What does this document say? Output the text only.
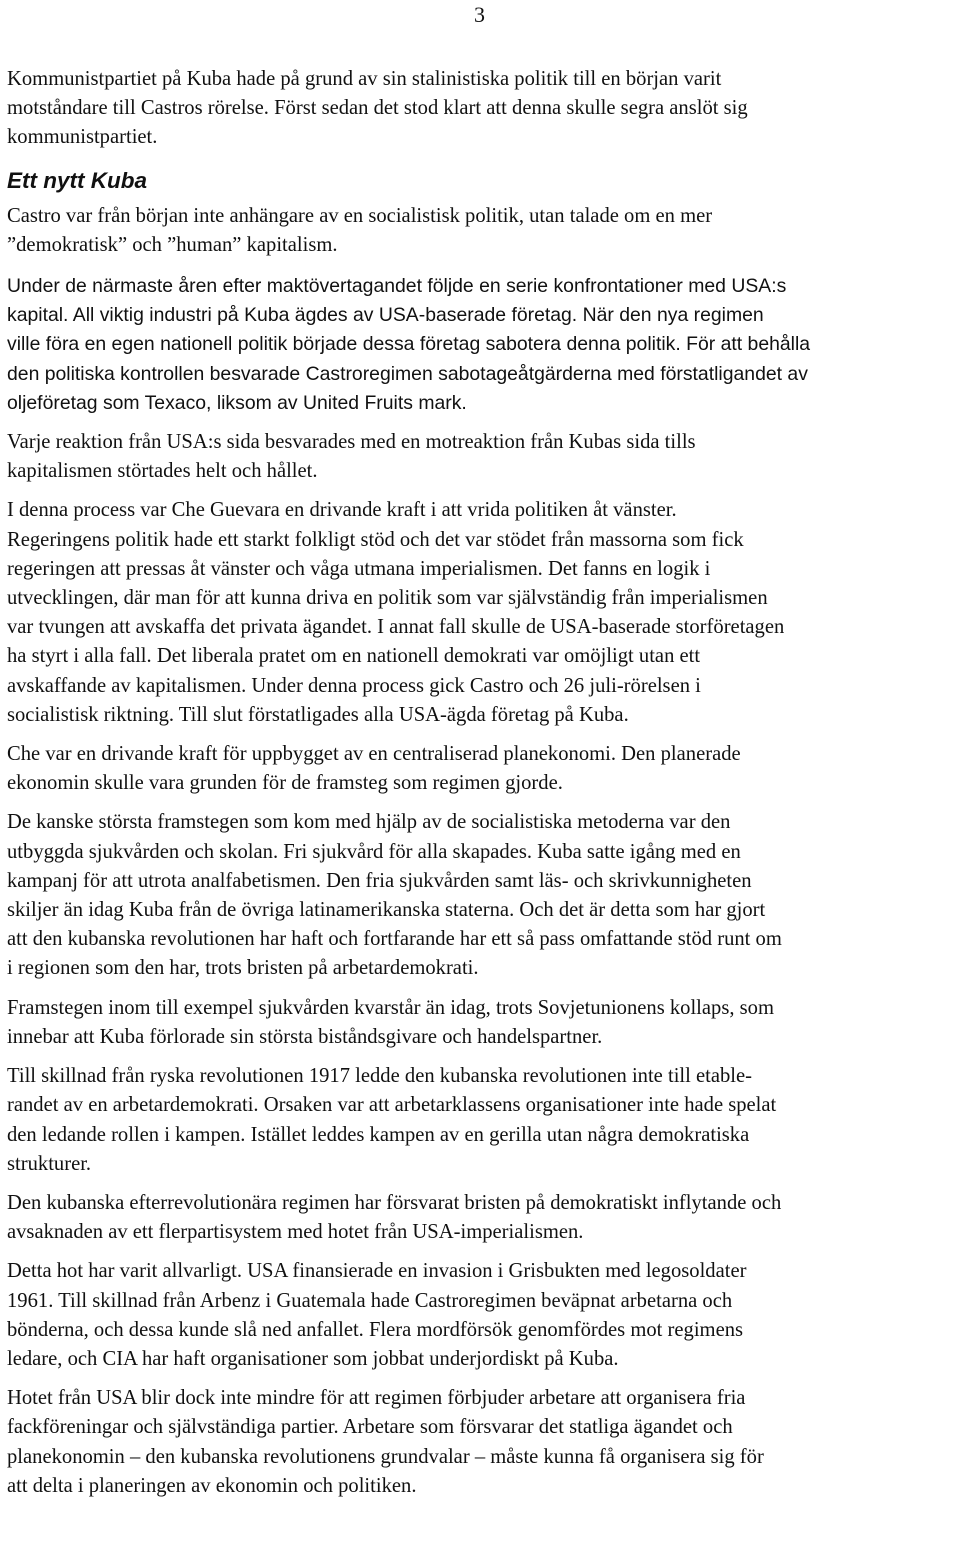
3

Kommunistpartiet på Kuba hade på grund av sin stalinistiska politik till en början varit
motståndare till Castros rörelse. Först sedan det stod klart att denna skulle segra anslöt sig
kommunistpartiet.

Ett nytt Kuba

Castro var från början inte anhängare av en socialistisk politik, utan talade om en mer
”demokratisk” och ”human” kapitalism.

Under de närmaste åren efter maktövertagandet följde en serie konfrontationer med USA:s
kapital. All viktig industri på Kuba ägdes av USA-baserade företag. När den nya regimen
ville föra en egen nationell politik började dessa företag sabotera denna politik. För att behålla
den politiska kontrollen besvarade Castroregimen sabotageåtgärderna med förstatligandet av
oljeföretag som Texaco, liksom av United Fruits mark.

Varje reaktion från USA:s sida besvarades med en motreaktion från Kubas sida tills
kapitalismen störtades helt och hållet.

I denna process var Che Guevara en drivande kraft i att vrida politiken åt vänster.
Regeringens politik hade ett starkt folkligt stöd och det var stödet från massorna som fick
regeringen att pressas åt vänster och våga utmana imperialismen. Det fanns en logik i
utvecklingen, där man för att kunna driva en politik som var självständig från imperialismen
var tvungen att avskaffa det privata ägandet. I annat fall skulle de USA-baserade storföretagen
ha styrt i alla fall. Det liberala pratet om en nationell demokrati var omöjligt utan ett
avskaffande av kapitalismen. Under denna process gick Castro och 26 juli-rörelsen i
socialistisk riktning. Till slut förstatligades alla USA-ägda företag på Kuba.

Che var en drivande kraft för uppbygget av en centraliserad planekonomi. Den planerade
ekonomin skulle vara grunden för de framsteg som regimen gjorde.

De kanske största framstegen som kom med hjälp av de socialistiska metoderna var den
utbyggda sjukvården och skolan. Fri sjukvård för alla skapades. Kuba satte igång med en
kampanj för att utrota analfabetismen. Den fria sjukvården samt läs- och skrivkunnigheten
skiljer än idag Kuba från de övriga latinamerikanska staterna. Och det är detta som har gjort
att den kubanska revolutionen har haft och fortfarande har ett så pass omfattande stöd runt om
i regionen som den har, trots bristen på arbetardemokrati.

Framstegen inom till exempel sjukvården kvarstår än idag, trots Sovjetunionens kollaps, som
innebar att Kuba förlorade sin största biståndsgivare och handelspartner.

Till skillnad från ryska revolutionen 1917 ledde den kubanska revolutionen inte till etable-
randet av en arbetardemokrati. Orsaken var att arbetarklassens organisationer inte hade spelat
den ledande rollen i kampen. Istället leddes kampen av en gerilla utan några demokratiska
strukturer.

Den kubanska efterrevolutionära regimen har försvarat bristen på demokratiskt inflytande och
avsaknaden av ett flerpartisystem med hotet från USA-imperialismen.

Detta hot har varit allvarligt. USA finansierade en invasion i Grisbukten med legosoldater
1961. Till skillnad från Arbenz i Guatemala hade Castroregimen beväpnat arbetarna och
bönderna, och dessa kunde slå ned anfallet. Flera mordförsök genomfördes mot regimens
ledare, och CIA har haft organisationer som jobbat underjordiskt på Kuba.

Hotet från USA blir dock inte mindre för att regimen förbjuder arbetare att organisera fria
fackföreningar och självständiga partier. Arbetare som försvarar det statliga ägandet och
planekonomin – den kubanska revolutionens grundvalar – måste kunna få organisera sig för
att delta i planeringen av ekonomin och politiken.
